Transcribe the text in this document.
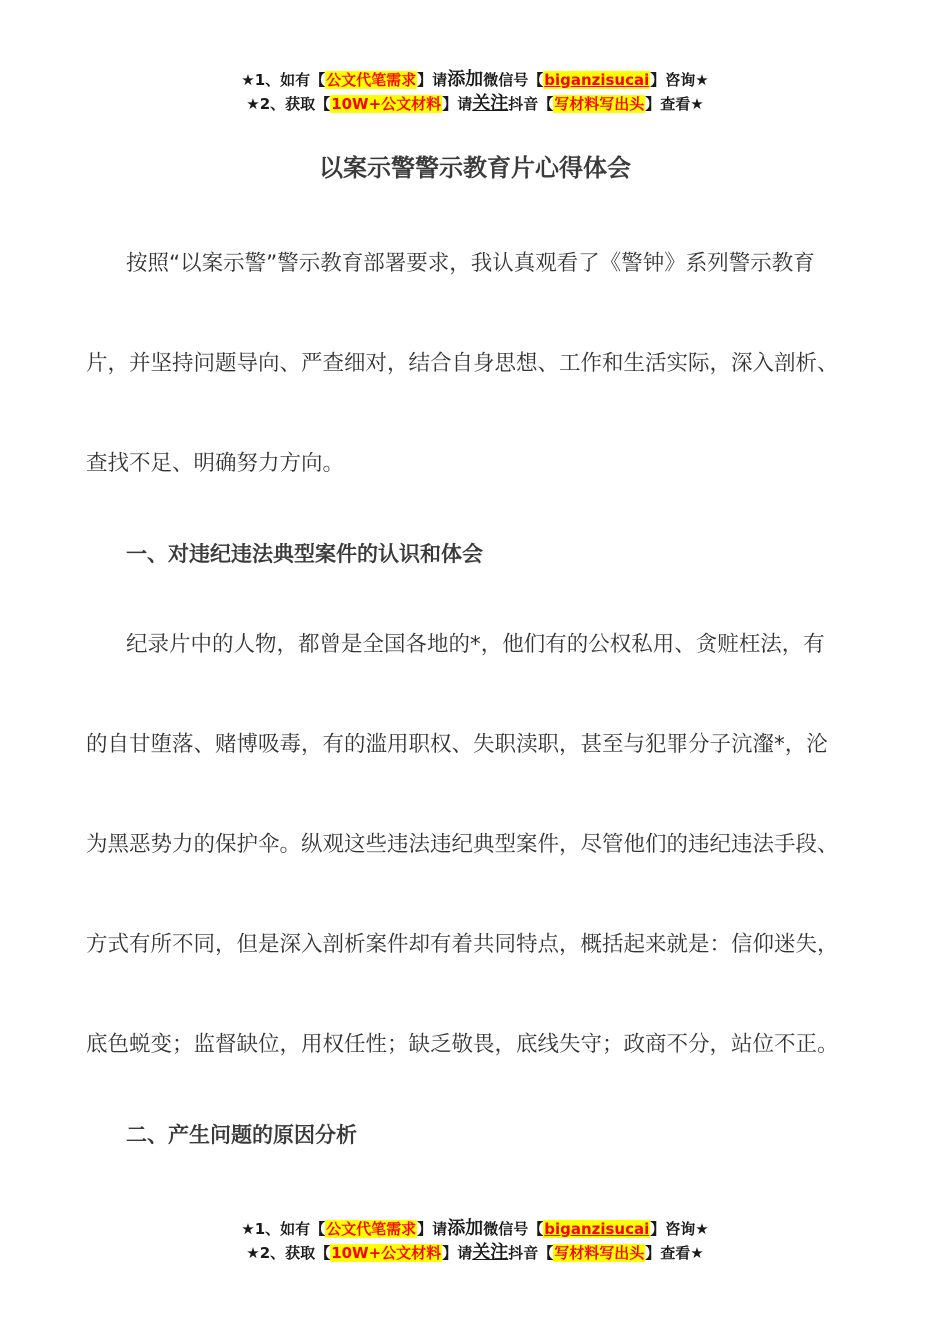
★1、如有【公文代笔需求】请添加微信号【biganzisucai】咨询★
★2、获取【10W+公文材料】请关注抖音【写材料写出头】查看★
以案示警警示教育片心得体会
按照“以案示警”警示教育部署要求，我认真观看了《警钟》系列警示教育
片，并坚持问题导向、严查细对，结合自身思想、工作和生活实际，深入剖析、
查找不足、明确努力方向。
一、对违纪违法典型案件的认识和体会
纪录片中的人物，都曾是全国各地的*，他们有的公权私用、贪赃枉法，有
的自甘堕落、赌博吸毒，有的滥用职权、失职渎职，甚至与犯罪分子沆瀣*，沦
为黑恶势力的保护伞。纵观这些违法违纪典型案件，尽管他们的违纪违法手段、
方式有所不同，但是深入剖析案件却有着共同特点，概括起来就是：信仰迷失，
底色蜕变；监督缺位，用权任性；缺乏敬畏，底线失守；政商不分，站位不正。
二、产生问题的原因分析
★1、如有【公文代笔需求】请添加微信号【biganzisucai】咨询★
★2、获取【10W+公文材料】请关注抖音【写材料写出头】查看★
